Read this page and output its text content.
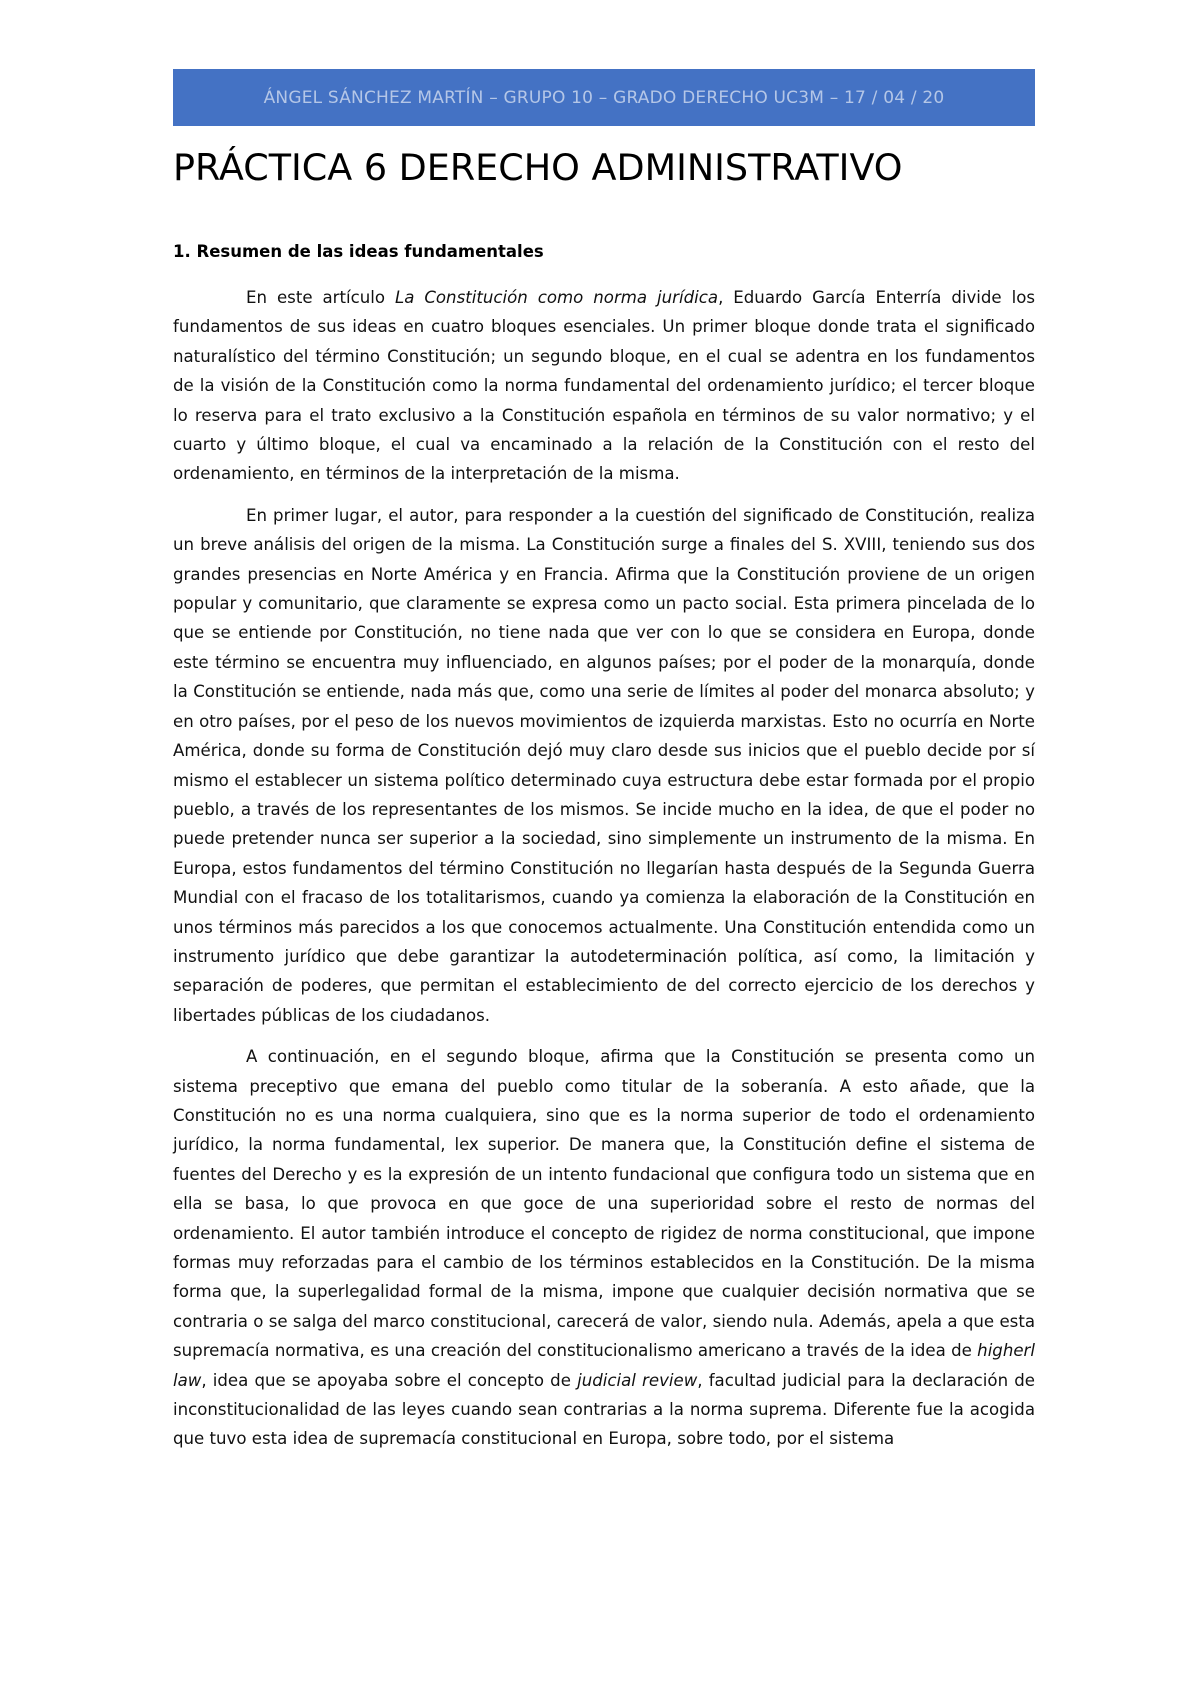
ÁNGEL SÁNCHEZ MARTÍN – GRUPO 10 – GRADO DERECHO UC3M – 17 / 04 / 20
PRÁCTICA 6 DERECHO ADMINISTRATIVO
1. Resumen de las ideas fundamentales

En este artículo La Constitución como norma jurídica, Eduardo García Enterría divide los fundamentos de sus ideas en cuatro bloques esenciales. Un primer bloque donde trata el significado naturalístico del término Constitución; un segundo bloque, en el cual se adentra en los fundamentos de la visión de la Constitución como la norma fundamental del ordenamiento jurídico; el tercer bloque lo reserva para el trato exclusivo a la Constitución española en términos de su valor normativo; y el cuarto y último bloque, el cual va encaminado a la relación de la Constitución con el resto del ordenamiento, en términos de la interpretación de la misma.

En primer lugar, el autor, para responder a la cuestión del significado de Constitución, realiza un breve análisis del origen de la misma. La Constitución surge a finales del S. XVIII, teniendo sus dos grandes presencias en Norte América y en Francia. Afirma que la Constitución proviene de un origen popular y comunitario, que claramente se expresa como un pacto social. Esta primera pincelada de lo que se entiende por Constitución, no tiene nada que ver con lo que se considera en Europa, donde este término se encuentra muy influenciado, en algunos países; por el poder de la monarquía, donde la Constitución se entiende, nada más que, como una serie de límites al poder del monarca absoluto; y en otro países, por el peso de los nuevos movimientos de izquierda marxistas. Esto no ocurría en Norte América, donde su forma de Constitución dejó muy claro desde sus inicios que el pueblo decide por sí mismo el establecer un sistema político determinado cuya estructura debe estar formada por el propio pueblo, a través de los representantes de los mismos. Se incide mucho en la idea, de que el poder no puede pretender nunca ser superior a la sociedad, sino simplemente un instrumento de la misma. En Europa, estos fundamentos del término Constitución no llegarían hasta después de la Segunda Guerra Mundial con el fracaso de los totalitarismos, cuando ya comienza la elaboración de la Constitución en unos términos más parecidos a los que conocemos actualmente. Una Constitución entendida como un instrumento jurídico que debe garantizar la autodeterminación política, así como, la limitación y separación de poderes, que permitan el establecimiento de del correcto ejercicio de los derechos y libertades públicas de los ciudadanos.

A continuación, en el segundo bloque, afirma que la Constitución se presenta como un sistema preceptivo que emana del pueblo como titular de la soberanía. A esto añade, que la Constitución no es una norma cualquiera, sino que es la norma superior de todo el ordenamiento jurídico, la norma fundamental, lex superior. De manera que, la Constitución define el sistema de fuentes del Derecho y es la expresión de un intento fundacional que configura todo un sistema que en ella se basa, lo que provoca en que goce de una superioridad sobre el resto de normas del ordenamiento. El autor también introduce el concepto de rigidez de norma constitucional, que impone formas muy reforzadas para el cambio de los términos establecidos en la Constitución. De la misma forma que, la superlegalidad formal de la misma, impone que cualquier decisión normativa que se contraria o se salga del marco constitucional, carecerá de valor, siendo nula. Además, apela a que esta supremacía normativa, es una creación del constitucionalismo americano a través de la idea de higherl law, idea que se apoyaba sobre el concepto de judicial review, facultad judicial para la declaración de inconstitucionalidad de las leyes cuando sean contrarias a la norma suprema. Diferente fue la acogida que tuvo esta idea de supremacía constitucional en Europa, sobre todo, por el sistema
